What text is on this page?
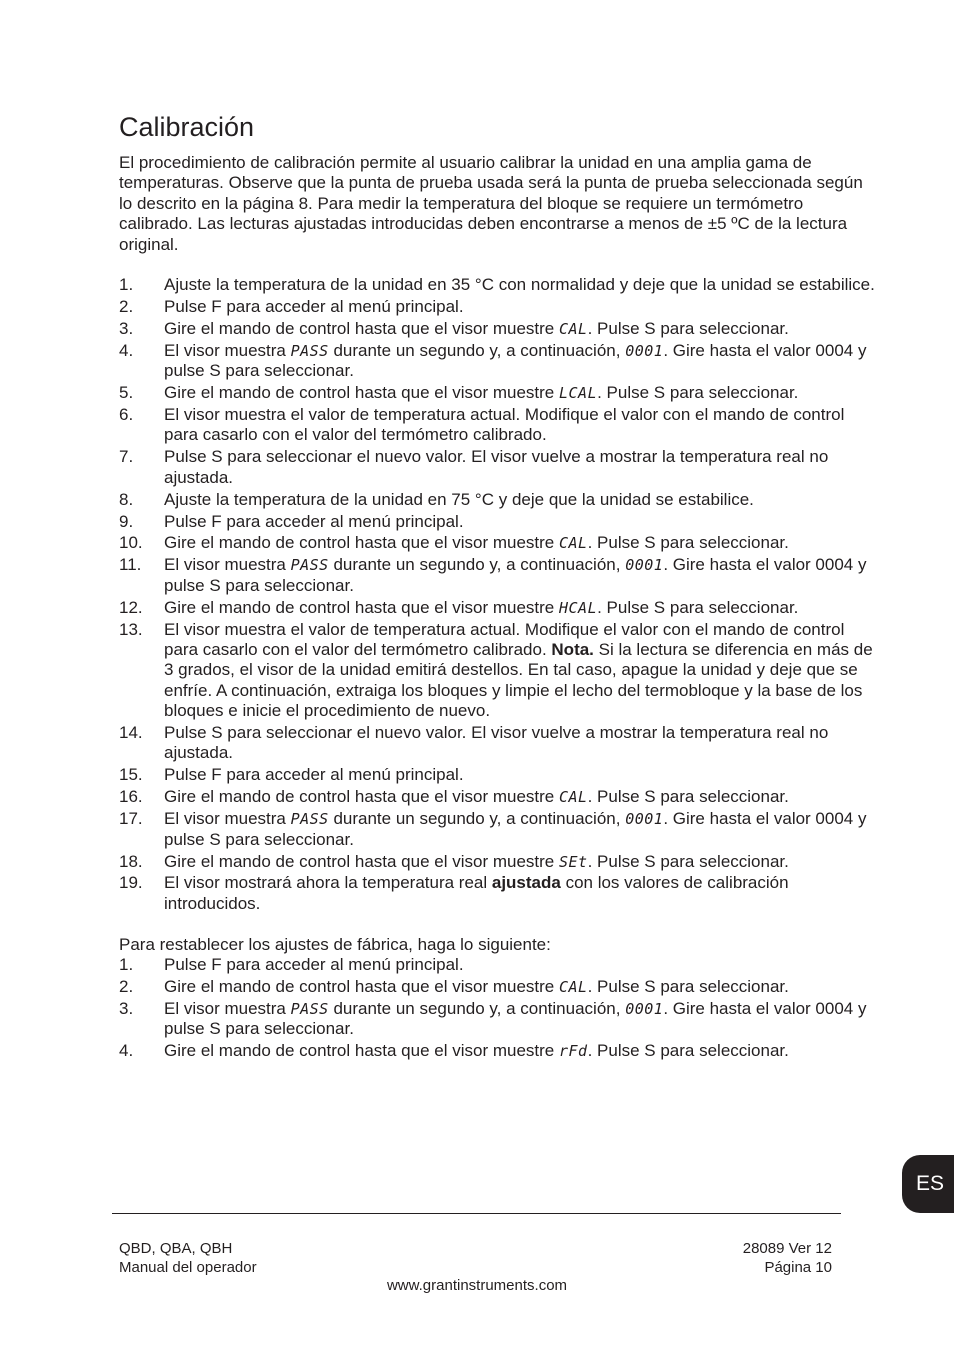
Calibración

El procedimiento de calibración permite al usuario calibrar la unidad en una amplia gama de temperaturas. Observe que la punta de prueba usada será la punta de prueba seleccionada según lo descrito en la página 8. Para medir la temperatura del bloque se requiere un termómetro calibrado. Las lecturas ajustadas introducidas deben encontrarse a menos de ±5 ºC de la lectura original.

1. Ajuste la temperatura de la unidad en 35 °C con normalidad y deje que la unidad se estabilice.
2. Pulse F para acceder al menú principal.
3. Gire el mando de control hasta que el visor muestre CAL. Pulse S para seleccionar.
4. El visor muestra PASS durante un segundo y, a continuación, 0001. Gire hasta el valor 0004 y pulse S para seleccionar.
5. Gire el mando de control hasta que el visor muestre LCAL. Pulse S para seleccionar.
6. El visor muestra el valor de temperatura actual. Modifique el valor con el mando de control para casarlo con el valor del termómetro calibrado.
7. Pulse S para seleccionar el nuevo valor. El visor vuelve a mostrar la temperatura real no ajustada.
8. Ajuste la temperatura de la unidad en 75 °C y deje que la unidad se estabilice.
9. Pulse F para acceder al menú principal.
10. Gire el mando de control hasta que el visor muestre CAL. Pulse S para seleccionar.
11. El visor muestra PASS durante un segundo y, a continuación, 0001. Gire hasta el valor 0004 y pulse S para seleccionar.
12. Gire el mando de control hasta que el visor muestre HCAL. Pulse S para seleccionar.
13. El visor muestra el valor de temperatura actual. Modifique el valor con el mando de control para casarlo con el valor del termómetro calibrado. Nota. Si la lectura se diferencia en más de 3 grados, el visor de la unidad emitirá destellos. En tal caso, apague la unidad y deje que se enfríe. A continuación, extraiga los bloques y limpie el lecho del termobloque y la base de los bloques e inicie el procedimiento de nuevo.
14. Pulse S para seleccionar el nuevo valor. El visor vuelve a mostrar la temperatura real no ajustada.
15. Pulse F para acceder al menú principal.
16. Gire el mando de control hasta que el visor muestre CAL. Pulse S para seleccionar.
17. El visor muestra PASS durante un segundo y, a continuación, 0001. Gire hasta el valor 0004 y pulse S para seleccionar.
18. Gire el mando de control hasta que el visor muestre SEt. Pulse S para seleccionar.
19. El visor mostrará ahora la temperatura real ajustada con los valores de calibración introducidos.

Para restablecer los ajustes de fábrica, haga lo siguiente:

1. Pulse F para acceder al menú principal.
2. Gire el mando de control hasta que el visor muestre CAL. Pulse S para seleccionar.
3. El visor muestra PASS durante un segundo y, a continuación, 0001. Gire hasta el valor 0004 y pulse S para seleccionar.
4. Gire el mando de control hasta que el visor muestre rFd. Pulse S para seleccionar.
ES
QBD, QBA, QBH
Manual del operador
28089 Ver 12
Página 10
www.grantinstruments.com
